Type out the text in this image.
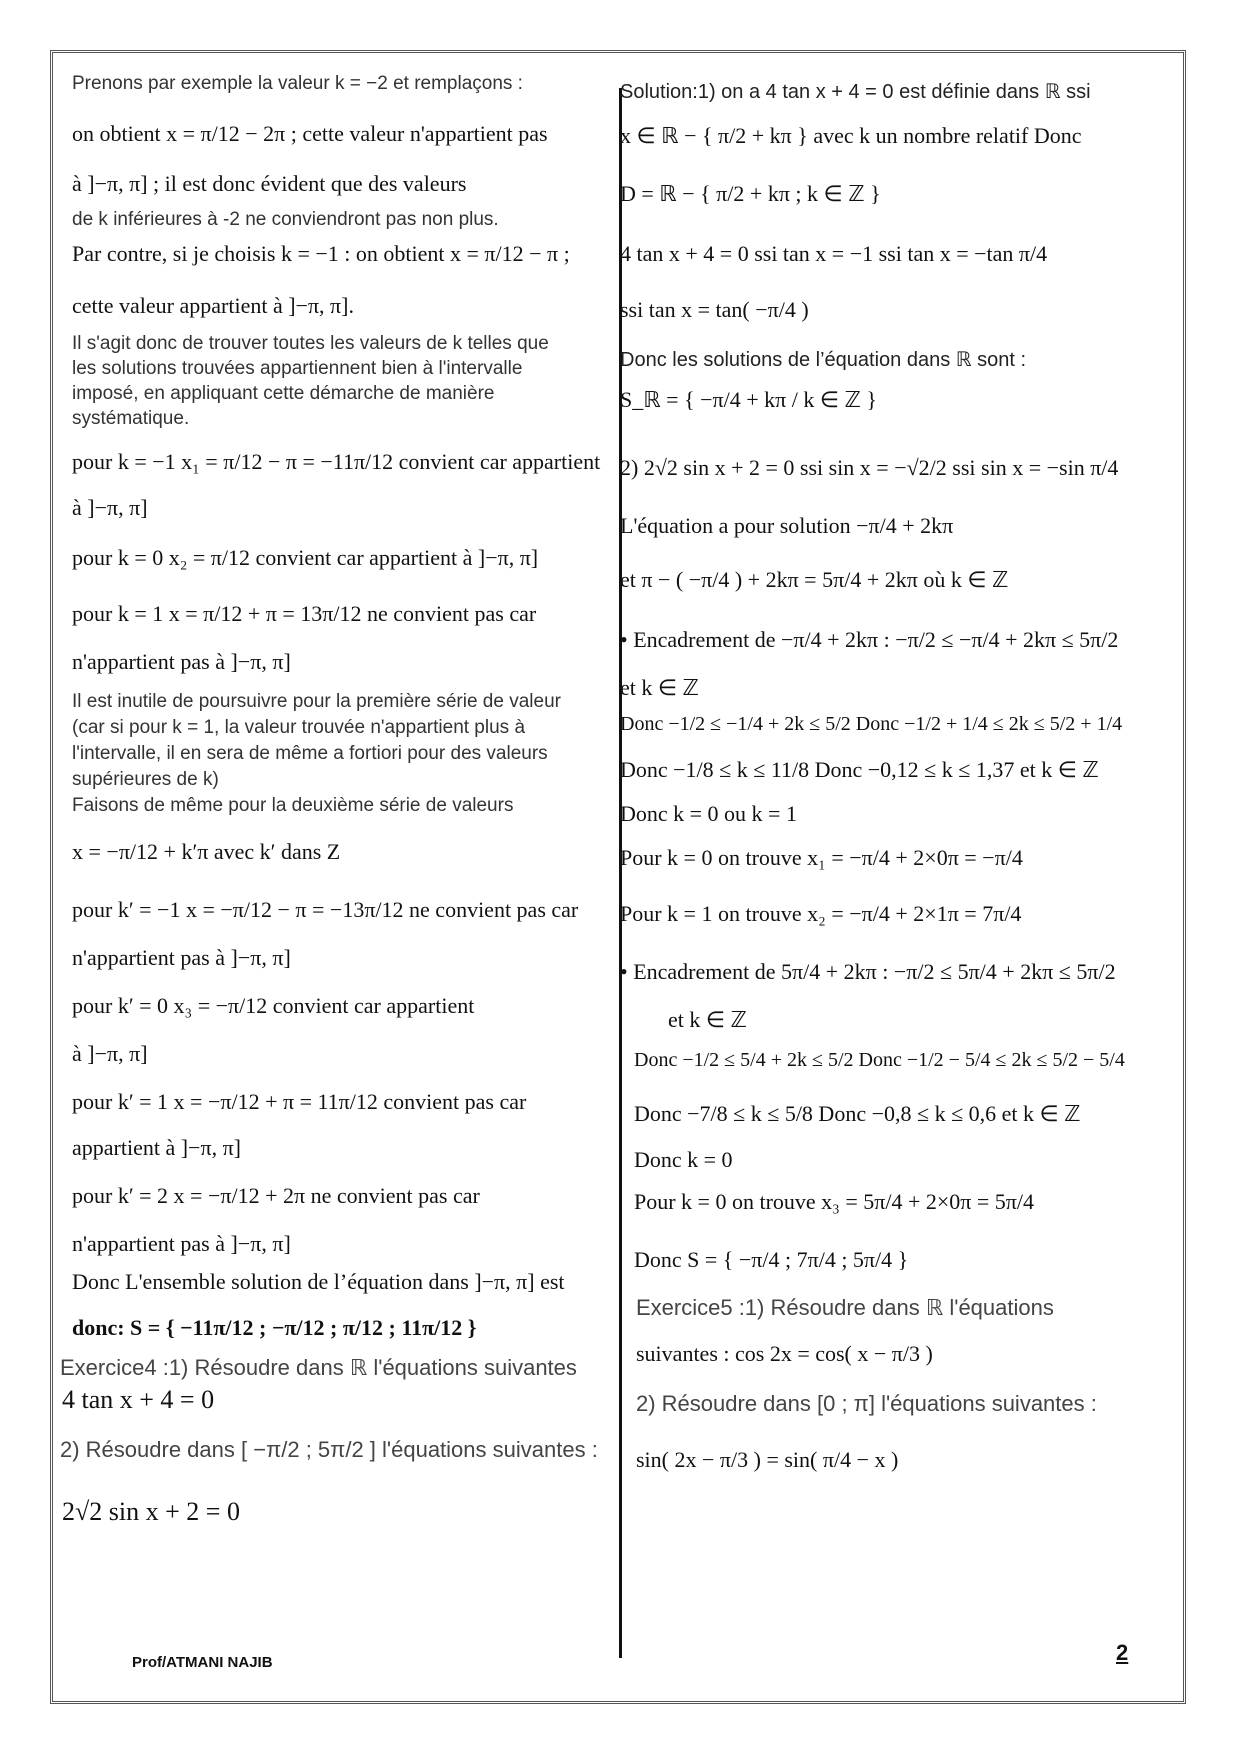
Prenons par exemple la valeur k = −2 et remplaçons :
on obtient x = π/12 − 2π ; cette valeur n'appartient pas
à ]−π, π] ; il est donc évident que des valeurs
de k inférieures à -2 ne conviendront pas non plus.
Par contre, si je choisis k = −1 : on obtient x = π/12 − π ;
cette valeur appartient à ]−π, π].
Il s'agit donc de trouver toutes les valeurs de k telles que
les solutions trouvées appartiennent bien à l'intervalle
imposé, en appliquant cette démarche de manière
systématique.
pour k = −1 x₁ = π/12 − π = −11π/12 convient car appartient
à ]−π, π]
pour k = 0 x₂ = π/12 convient car appartient à ]−π, π]
pour k = 1 x = π/12 + π = 13π/12 ne convient pas car
n'appartient pas à ]−π, π]
Il est inutile de poursuivre pour la première série de valeur
(car si pour k = 1, la valeur trouvée n'appartient plus à
l'intervalle, il en sera de même a fortiori pour des valeurs
supérieures de k)
Faisons de même pour la deuxième série de valeurs
x = −π/12 + k′π avec k′ dans Z
pour k′ = −1 x = −π/12 − π = −13π/12 ne convient pas car
n'appartient pas à ]−π, π]
pour k′ = 0 x₃ = −π/12 convient car appartient
à ]−π, π]
pour k′ = 1 x = −π/12 + π = 11π/12 convient pas car
appartient à ]−π, π]
pour k′ = 2 x = −π/12 + 2π ne convient pas car
n'appartient pas à ]−π, π]
Donc L'ensemble solution de l’équation dans ]−π, π] est
donc: S = { −11π/12 ; −π/12 ; π/12 ; 11π/12 }
Exercice4 :1) Résoudre dans ℝ l'équations suivantes
4 tan x + 4 = 0
2) Résoudre dans [ −π/2 ; 5π/2 ] l'équations suivantes :
2√2 sin x + 2 = 0
Solution:1) on a 4 tan x + 4 = 0 est définie dans ℝ ssi
x ∈ ℝ − { π/2 + kπ } avec k un nombre relatif Donc
D = ℝ − { π/2 + kπ ; k ∈ ℤ }
4 tan x + 4 = 0 ssi tan x = −1 ssi tan x = −tan π/4
ssi tan x = tan( −π/4 )
Donc les solutions de l’équation dans ℝ sont :
S_ℝ = { −π/4 + kπ / k ∈ ℤ }
2) 2√2 sin x + 2 = 0 ssi sin x = −√2/2 ssi sin x = −sin π/4
L'équation a pour solution −π/4 + 2kπ
et π − ( −π/4 ) + 2kπ = 5π/4 + 2kπ où k ∈ ℤ
• Encadrement de −π/4 + 2kπ : −π/2 ≤ −π/4 + 2kπ ≤ 5π/2
et k ∈ ℤ
Donc −1/2 ≤ −1/4 + 2k ≤ 5/2 Donc −1/2 + 1/4 ≤ 2k ≤ 5/2 + 1/4
Donc −1/8 ≤ k ≤ 11/8 Donc −0,12 ≤ k ≤ 1,37 et k ∈ ℤ
Donc k = 0 ou k = 1
Pour k = 0 on trouve x₁ = −π/4 + 2×0π = −π/4
Pour k = 1 on trouve x₂ = −π/4 + 2×1π = 7π/4
• Encadrement de 5π/4 + 2kπ : −π/2 ≤ 5π/4 + 2kπ ≤ 5π/2
et k ∈ ℤ
Donc −1/2 ≤ 5/4 + 2k ≤ 5/2 Donc −1/2 − 5/4 ≤ 2k ≤ 5/2 − 5/4
Donc −7/8 ≤ k ≤ 5/8 Donc −0,8 ≤ k ≤ 0,6 et k ∈ ℤ
Donc k = 0
Pour k = 0 on trouve x₃ = 5π/4 + 2×0π = 5π/4
Donc S = { −π/4 ; 7π/4 ; 5π/4 }
Exercice5 :1) Résoudre dans ℝ l'équations
suivantes : cos 2x = cos( x − π/3 )
2) Résoudre dans [0 ; π] l'équations suivantes :
sin( 2x − π/3 ) = sin( π/4 − x )
Prof/ATMANI NAJIB	2
